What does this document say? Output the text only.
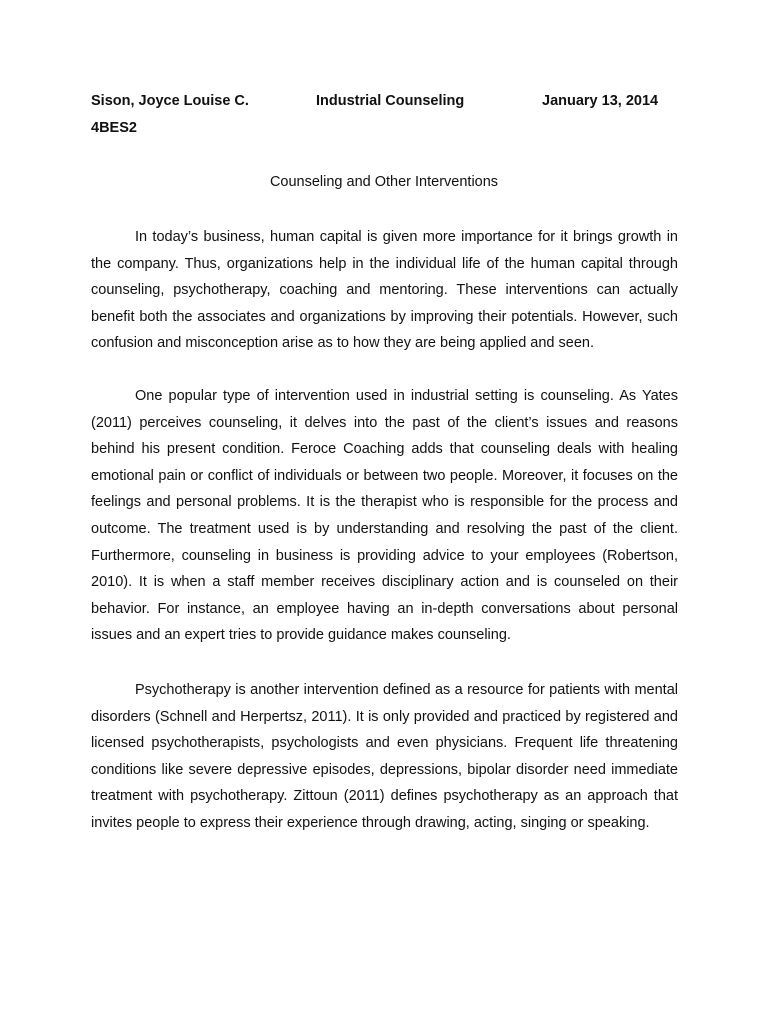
Sison, Joyce Louise C.	Industrial Counseling	January 13, 2014
4BES2
Counseling and Other Interventions

In today’s business, human capital is given more importance for it brings growth in the company. Thus, organizations help in the individual life of the human capital through counseling, psychotherapy, coaching and mentoring. These interventions can actually benefit both the associates and organizations by improving their potentials. However, such confusion and misconception arise as to how they are being applied and seen.

One popular type of intervention used in industrial setting is counseling. As Yates (2011) perceives counseling, it delves into the past of the client’s issues and reasons behind his present condition. Feroce Coaching adds that counseling deals with healing emotional pain or conflict of individuals or between two people. Moreover, it focuses on the feelings and personal problems. It is the therapist who is responsible for the process and outcome. The treatment used is by understanding and resolving the past of the client. Furthermore, counseling in business is providing advice to your employees (Robertson, 2010). It is when a staff member receives disciplinary action and is counseled on their behavior. For instance, an employee having an in-depth conversations about personal issues and an expert tries to provide guidance makes counseling.

Psychotherapy is another intervention defined as a resource for patients with mental disorders (Schnell and Herpertsz, 2011). It is only provided and practiced by registered and licensed psychotherapists, psychologists and even physicians. Frequent life threatening conditions like severe depressive episodes, depressions, bipolar disorder need immediate treatment with psychotherapy. Zittoun (2011) defines psychotherapy as an approach that invites people to express their experience through drawing, acting, singing or speaking.
